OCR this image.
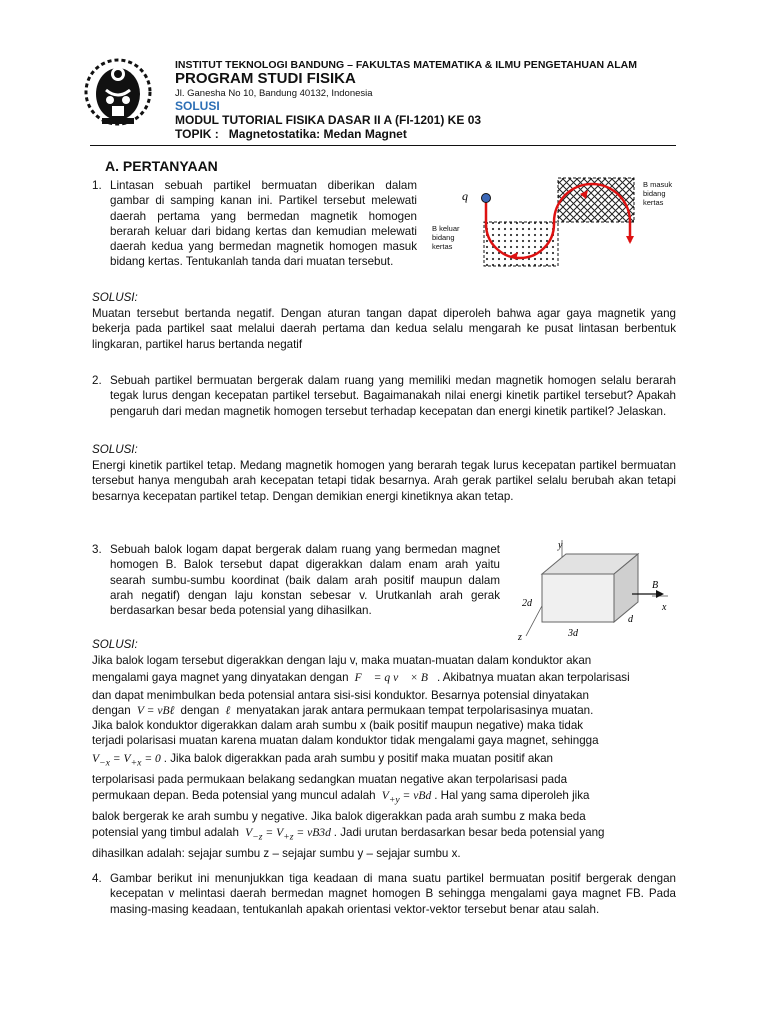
INSTITUT TEKNOLOGI BANDUNG – FAKULTAS MATEMATIKA & ILMU PENGETAHUAN ALAM
PROGRAM STUDI FISIKA
Jl. Ganesha No 10, Bandung 40132, Indonesia
SOLUSI
MODUL TUTORIAL FISIKA DASAR II A (FI-1201) KE 03
TOPIK : Magnetostatika: Medan Magnet
A. PERTANYAAN
1. Lintasan sebuah partikel bermuatan diberikan dalam gambar di samping kanan ini. Partikel tersebut melewati daerah pertama yang bermedan magnetik homogen berarah keluar dari bidang kertas dan kemudian melewati daerah kedua yang bermedan magnetik homogen masuk bidang kertas. Tentukanlah tanda dari muatan tersebut.
q
B keluar
bidang
kertas
B masuk
bidang
kertas
SOLUSI:
Muatan tersebut bertanda negatif. Dengan aturan tangan dapat diperoleh bahwa agar gaya magnetik yang bekerja pada partikel saat melalui daerah pertama dan kedua selalu mengarah ke pusat lintasan berbentuk lingkaran, partikel harus bertanda negatif
2. Sebuah partikel bermuatan bergerak dalam ruang yang memiliki medan magnetik homogen selalu berarah tegak lurus dengan kecepatan partikel tersebut. Bagaimanakah nilai energi kinetik partikel tersebut? Apakah pengaruh dari medan magnetik homogen tersebut terhadap kecepatan dan energi kinetik partikel? Jelaskan.
SOLUSI:
Energi kinetik partikel tetap. Medang magnetik homogen yang berarah tegak lurus kecepatan partikel bermuatan tersebut hanya mengubah arah kecepatan tetapi tidak besarnya. Arah gerak partikel selalu berubah akan tetapi besarnya kecepatan partikel tetap. Dengan demikian energi kinetiknya akan tetap.
3. Sebuah balok logam dapat bergerak dalam ruang yang bermedan magnet homogen B. Balok tersebut dapat digerakkan dalam enam arah yaitu searah sumbu-sumbu koordinat (baik dalam arah positif maupun dalam arah negatif) dengan laju konstan sebesar v. Urutkanlah arah gerak berdasarkan besar beda potensial yang dihasilkan.
B
y
x
z
2d
3d
d
SOLUSI:
Jika balok logam tersebut digerakkan dengan laju v, maka muatan-muatan dalam konduktor akan
mengalami gaya magnet yang dinyatakan dengan  F⃗ = q v⃗ × B⃗. Akibatnya muatan akan terpolarisasi
dan dapat menimbulkan beda potensial antara sisi-sisi konduktor. Besarnya potensial dinyatakan
dengan  V = vBℓ  dengan  ℓ  menyatakan jarak antara permukaan tempat terpolarisasinya muatan.
Jika balok konduktor digerakkan dalam arah sumbu x (baik positif maupun negative) maka tidak
terjadi polarisasi muatan karena muatan dalam konduktor tidak mengalami gaya magnet, sehingga
$V_{-x} = V_{+x} = 0$ . Jika balok digerakkan pada arah sumbu y positif maka muatan positif akan
terpolarisasi pada permukaan belakang sedangkan muatan negative akan terpolarisasi pada
permukaan depan. Beda potensial yang muncul adalah  $V_{+y}$ = vBd . Hal yang sama diperoleh jika
balok bergerak ke arah sumbu y negative. Jika balok digerakkan pada arah sumbu z maka beda
potensial yang timbul adalah  $V_{-z} = V_{+z} = vB3d$ . Jadi urutan berdasarkan besar beda potensial yang
dihasilkan adalah: sejajar sumbu z – sejajar sumbu y – sejajar sumbu x.
4. Gambar berikut ini menunjukkan tiga keadaan di mana suatu partikel bermuatan positif bergerak dengan kecepatan v melintasi daerah bermedan magnet homogen B sehingga mengalami gaya magnet FB. Pada masing-masing keadaan, tentukanlah apakah orientasi vektor-vektor tersebut benar atau salah.
